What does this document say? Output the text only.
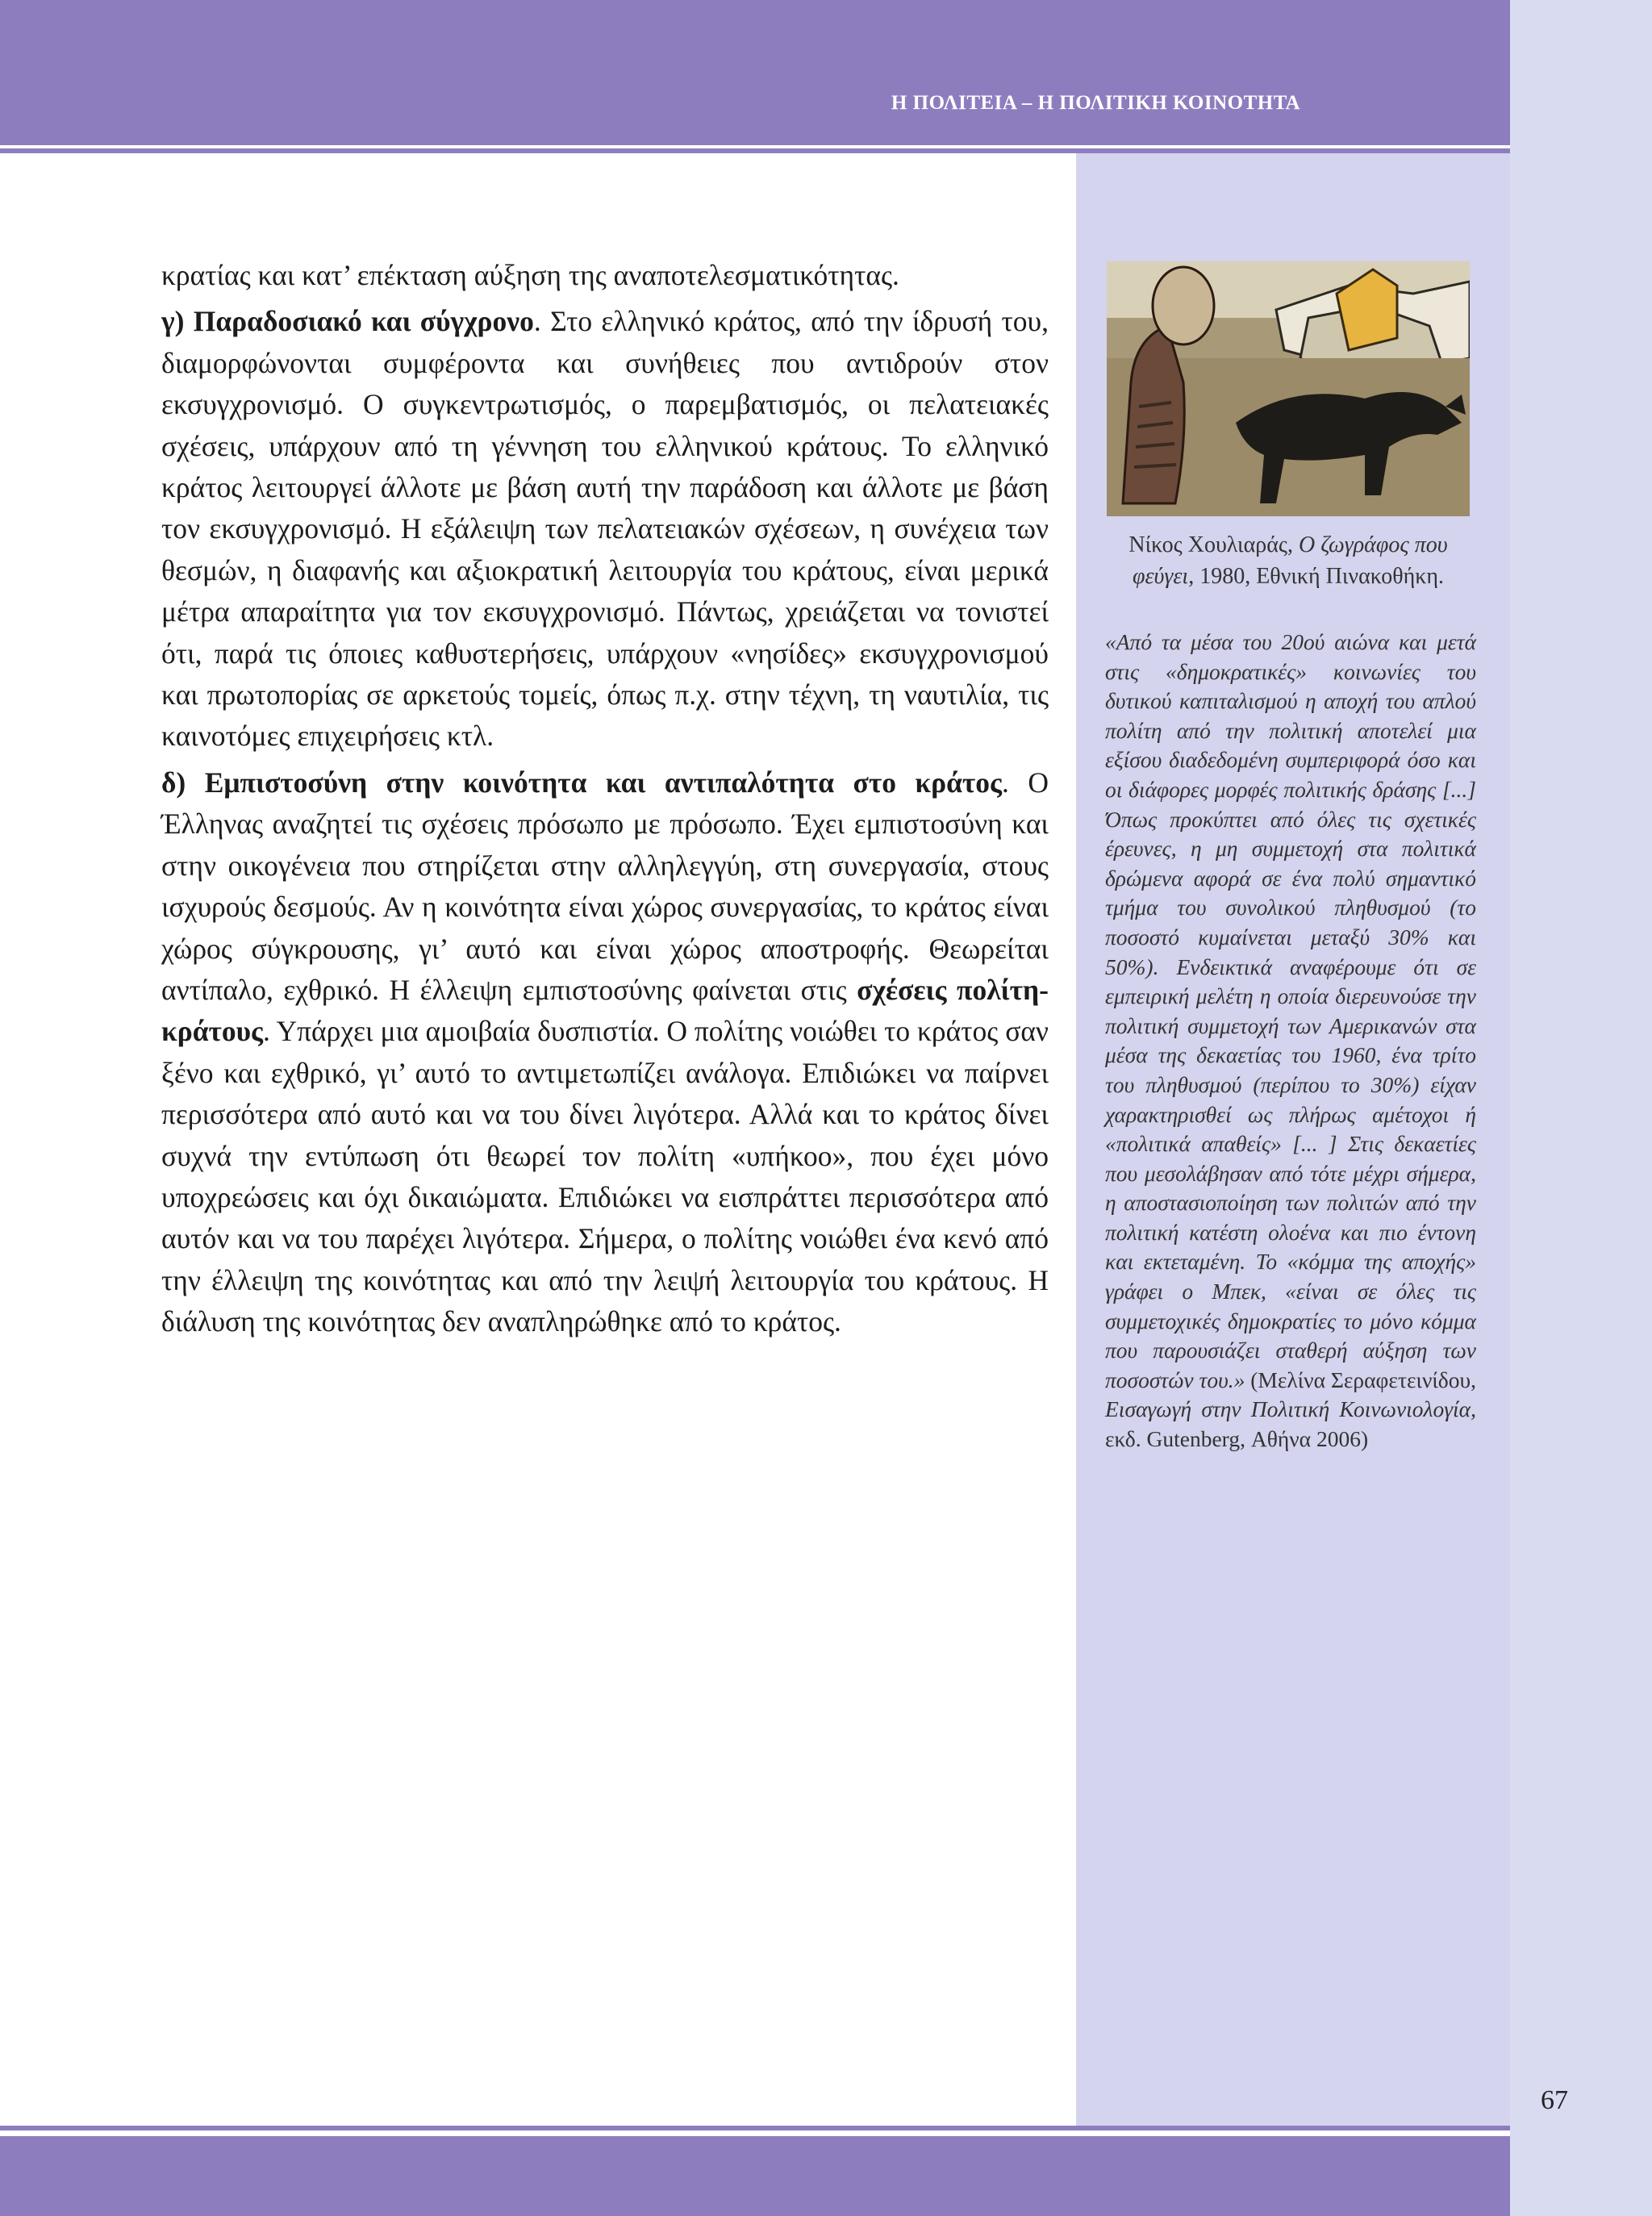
Η ΠΟΛΙΤΕΙΑ – Η ΠΟΛΙΤΙΚΗ ΚΟΙΝΟΤΗΤΑ
Νίκος Χουλιαράς, Ο ζωγράφος που φεύγει, 1980, Εθνική Πινακοθήκη.
«Από τα μέσα του 20ού αιώνα και μετά στις «δημοκρατικές» κοινωνίες του δυτικού καπιταλισμού η αποχή του απλού πολίτη από την πολιτική αποτελεί μια εξίσου διαδεδομένη συμπεριφορά όσο και οι διάφορες μορφές πολιτικής δράσης [...] Όπως προκύπτει από όλες τις σχετικές έρευνες, η μη συμμετοχή στα πολιτικά δρώμενα αφορά σε ένα πολύ σημαντικό τμήμα του συνολικού πληθυσμού (το ποσοστό κυμαίνεται μεταξύ 30% και 50%). Ενδεικτικά αναφέρουμε ότι σε εμπειρική μελέτη η οποία διερευνούσε την πολιτική συμμετοχή των Αμερικανών στα μέσα της δεκαετίας του 1960, ένα τρίτο του πληθυσμού (περίπου το 30%) είχαν χαρακτηρισθεί ως πλήρως αμέτοχοι ή «πολιτικά απαθείς» [... ] Στις δεκαετίες που μεσολάβησαν από τότε μέχρι σήμερα, η αποστασιοποίηση των πολιτών από την πολιτική κατέστη ολοένα και πιο έντονη και εκτεταμένη. Το «κόμμα της αποχής» γράφει ο Μπεκ, «είναι σε όλες τις συμμετοχικές δημοκρατίες το μόνο κόμμα που παρουσιάζει σταθερή αύξηση των ποσοστών του.» (Μελίνα Σεραφετεινίδου, Εισαγωγή στην Πολιτική Κοινωνιολογία, εκδ. Gutenberg, Αθήνα 2006)

κρατίας και κατ’ επέκταση αύξηση της αναποτελεσματικότητας.

γ) Παραδοσιακό και σύγχρονο. Στο ελληνικό κράτος, από την ίδρυσή του, διαμορφώνονται συμφέροντα και συνήθειες που αντιδρούν στον εκσυγχρονισμό. Ο συγκεντρωτισμός, ο παρεμβατισμός, οι πελατειακές σχέσεις, υπάρχουν από τη γέννηση του ελληνικού κράτους. Το ελληνικό κράτος λειτουργεί άλλοτε με βάση αυτή την παράδοση και άλλοτε με βάση τον εκσυγχρονισμό. Η εξάλειψη των πελατειακών σχέσεων, η συνέχεια των θεσμών, η διαφανής και αξιοκρατική λειτουργία του κράτους, είναι μερικά μέτρα απαραίτητα για τον εκσυγχρονισμό. Πάντως, χρειάζεται να τονιστεί ότι, παρά τις όποιες καθυστερήσεις, υπάρχουν «νησίδες» εκσυγχρονισμού και πρωτοπορίας σε αρκετούς τομείς, όπως π.χ. στην τέχνη, τη ναυτιλία, τις καινοτόμες επιχειρήσεις κτλ.

δ) Εμπιστοσύνη στην κοινότητα και αντιπαλότητα στο κράτος. Ο Έλληνας αναζητεί τις σχέσεις πρόσωπο με πρόσωπο. Έχει εμπιστοσύνη και στην οικογένεια που στηρίζεται στην αλληλεγγύη, στη συνεργασία, στους ισχυρούς δεσμούς. Αν η κοινότητα είναι χώρος συνεργασίας, το κράτος είναι χώρος σύγκρουσης, γι’ αυτό και είναι χώρος αποστροφής. Θεωρείται αντίπαλο, εχθρικό. Η έλλειψη εμπιστοσύνης φαίνεται στις σχέσεις πολίτη-κράτους. Υπάρχει μια αμοιβαία δυσπιστία. Ο πολίτης νοιώθει το κράτος σαν ξένο και εχθρικό, γι’ αυτό το αντιμετωπίζει ανάλογα. Επιδιώκει να παίρνει περισσότερα από αυτό και να του δίνει λιγότερα. Αλλά και το κράτος δίνει συχνά την εντύπωση ότι θεωρεί τον πολίτη «υπήκοο», που έχει μόνο υποχρεώσεις και όχι δικαιώματα. Επιδιώκει να εισπράττει περισσότερα από αυτόν και να του παρέχει λιγότερα. Σήμερα, ο πολίτης νοιώθει ένα κενό από την έλλειψη της κοινότητας και από την λειψή λειτουργία του κράτους. Η διάλυση της κοινότητας δεν αναπληρώθηκε από το κράτος.

67
